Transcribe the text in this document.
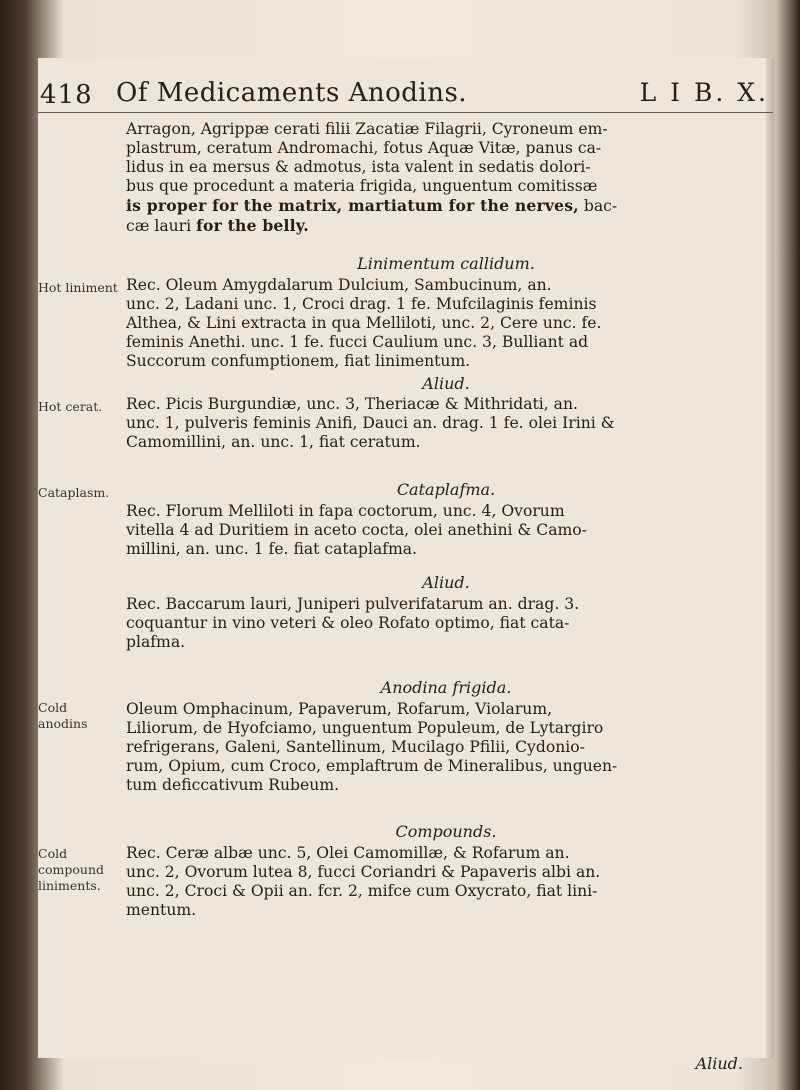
418 Of Medicaments Anodins.	L I B. X.
Arragon, Agrippæ cerati filii Zacatiæ Filagrii, Cyroneum em-
plastrum, ceratum Andromachi, fotus Aquæ Vitæ, panus ca-
lidus in ea mersus & admotus, ista valent in sedatis dolori-
bus que procedunt a materia frigida, unguentum comitissæ
is proper for the matrix, martiatum for the nerves, bac-
cæ lauri for the belly.
Hot liniment
Linimentum callidum.
Rec. Oleum Amygdalarum Dulcium, Sambucinum, an.
unc. 2, Ladani unc. 1, Croci drag. 1 fe. Mufcilaginis feminis
Althea, & Lini extracta in qua Melliloti, unc. 2, Cere unc. fe.
feminis Anethi. unc. 1 fe. fucci Caulium unc. 3, Bulliant ad
Succorum confumptionem, fiat linimentum.
Aliud.
Hot cerat.	Rec. Picis Burgundiæ, unc. 3, Theriacæ & Mithridati, an.
unc. 1, pulveris feminis Anifi, Dauci an. drag. 1 fe. olei Irini &
Camomillini, an. unc. 1, fiat ceratum.
Cataplasm.	Cataplafma.
Rec. Florum Melliloti in fapa coctorum, unc. 4, Ovorum
vitella 4 ad Duritiem in aceto cocta, olei anethini & Camo-
millini, an. unc. 1 fe. fiat cataplafma.
Aliud.
Rec. Baccarum lauri, Juniperi pulverifatarum an. drag. 3.
coquantur in vino veteri & oleo Rofato optimo, fiat cata-
plafma.
Cold anodins
Anodina frigida.
Oleum Omphacinum, Papaverum, Rofarum, Violarum,
Liliorum, de Hyofciamo, unguentum Populeum, de Lytargiro
refrigerans, Galeni, Santellinum, Mucilago Pfilii, Cydonio-
rum, Opium, cum Croco, emplaftrum de Mineralibus, unguen-
tum deficcativum Rubeum.
Cold compound liniments.
Compounds.
Rec. Ceræ albæ unc. 5, Olei Camomillæ, & Rofarum an.
unc. 2, Ovorum lutea 8, fucci Coriandri & Papaveris albi an.
unc. 2, Croci & Opii an. fcr. 2, mifce cum Oxycrato, fiat lini-
mentum.
Aliud.
